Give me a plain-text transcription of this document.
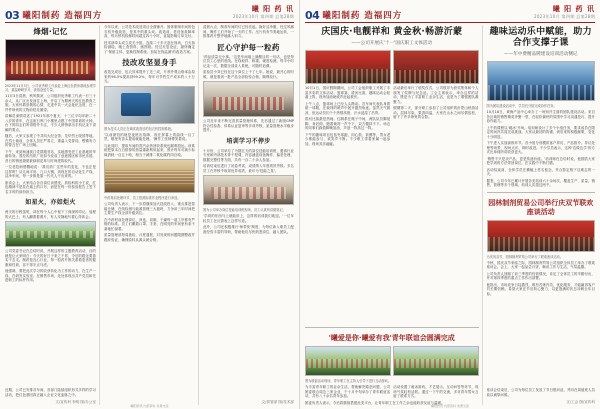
03 曦阳制药 造福四方
曦 阳 药 讯
2023年10月 第四期 总第28期
烽烟·记忆
2023年11月3日，公司优秀职工代表赴上海红色教育基地参观学习，重温峥嵘岁月，汲取奋进力量。
11月3日清晨，秋风微凉，公司组织优秀职工代表一行三十余人，从厂区出发前往上海，开启了为期两天的红色教育之旅。大家怀着崇敬的心情，走进中共一大会址纪念馆，在一件件珍贵的文物前驻足凝望。
讲解员深情讲述了1921年那个夏天，十三位平均年龄二十八岁的青年，在这座石库门小楼里点燃了中国革命的火种。台下的同志们听得格外专注，不少人悄悄拿出手机记录下讲解的要点。
随后，大家又参观了中共四大纪念馆、龙华烈士陵园等地。在烈士墙前，全体人员庄严肃立，重温入党誓词，铿锵有力的誓言在广场上回响。
下午，来到杨浦滨江党群服务站，实地感受老工业基地的华丽转身。曾经的纺织厂房如今变成了创意园区和市民乐园，昔日的锈迹斑斑被绿树花草与时尚建筑取代。
一位老技师感慨地说：'我们药厂这些年的变化，不也正是这样吗？从几间平房、几口大锅，到现在的自动化生产线、洁净车间，每一步都是靠一代代人干出来的。'
座谈会上，大家结合各自岗位谈感受。质检科的小王说，红色精神不是挂在墙上的口号，而是在每一份检验报告上签下名字时的那份担当。
如星火，亦如炬火
两天的行程虽短，却在每个人心中留下了深深的印记。返程的大巴上，有人翻看着照片，有人安静地写着心得体会。
公司党委书记在总结时说，开展这样的主题教育活动，目的就是让大家明白：今天的好日子来之不易，今后的路还要靠实干去走。制药是良心行业，每一粒药片都关系着患者的健康和性命，容不得半点马虎。
他强调，要把此次学习的收获转化为工作的动力，在生产一线、在研发实验室、在销售市场，处处体现出共产党员和先进职工的标杆作用。
近期，公司已安排各车间、各部门陆续组织形式多样的学习活动，把红色基因真正融入企业文化血脉之中。
文/宣传科 李明 图/办公室
今年以来，公司技术改造项目全面铺开。固体制剂车间的包衣机升级改造，是其中的重头戏。改造前，老设备故障率高，每月停机检修时间超过四十小时，直接影响订单交付。
技术部牵头成立攻关小组，连续二十多天泡在现场，白天拆检测绘，晚上查资料、画图纸。经过反复论证，最终确定了'保留主体、更换控制系统、加装在线监测'的改造方案。
技改攻坚显身手
改造完成后，包衣效率提升了近三成，片剂外观合格率由原来的96.5%提高到99.2%，每年可节约生产成本约八十万元。
图为技术人员正在调试改造后的包衣机控制系统。
'以前最怕的就是夜班出故障，现在屏幕上的曲线一目了然，哪里有苗头提前就能处理。'操作工张师傅笑着说。
与此同时，提取车间的蒸汽余热回收系统也顺利投运。该系统把原本白白排掉的热量重新利用起来，预计每年可减少标煤消耗一百五十吨，相当于减排二氧化碳约四百吨。
中药材前处理环节，员工按照标准作业程序进行净选。
公司负责人表示，下一步将继续加大技改投入，重点推进智能仓储、在线检测与能源管理三大板块，力争用三年时间把主要生产线全部升级到位。
在中药材前处理岗位，净选、切制、干燥每一道工序都有严格的标准。员工们戴着口罩、手套，在明亮的车间里有条不紊地忙碌着。
质量管理部每周抽检，月度通报，对发现的问题限期整改并跟踪验证，确保原料从源头就合格。
清晨六点，制剂车间的灯已经亮起。换好洁净服、经过风淋间，操作工们开始了一天的工作。压片机有节奏地运转，一排排药片整齐地落入料斗。
匠心守护每一粒药
'药品质量无小事。'这是车间墙上最醒目的一句话，也是每位员工心里的底线。在线取样、称重、硬度检测，每半小时记录一次，数据全部录入系统，可随时追溯。
质检员小刘已经在这个岗位上干了七年。她说，最开心的时候，就是看到一批产品全部检验合格、顺利放行。
公司近年来不断完善质量管理体系，先后通过了新版GMP符合性检查、体系认证复审等多项考核，质量管理水平稳步提升。
培训学习不停步
十月份，公司举办了为期五天的岗位技能培训班，邀请行业专家和内部技术骨干授课，内容涵盖设备操作、偏差处理、数据完整性等方面，共有一百二十余人参加。
培训结束后进行了闭卷考试，成绩纳入年度绩效考核。多名员工在考核中取得优异成绩，被评为'技能之星'。
图为公司举办岗位技能培训班现场，员工认真听讲做笔记。
'学到的东西马上就能用上，这样的培训我们欢迎。'一位年轻员工在反馈表上这样写道。
此外，公司还积极推行'师带徒'制度，为每位新入职员工配备经验丰富的导师，帮助他们尽快熟悉岗位、融入团队。
文/质管部 图/技术部
曦阳药讯 内部资料 免费交流
04 曦阳制药 造福四方
曦 阳 药 讯
2023年10月 第四期 总第28期
庆国庆·电靓祥和 黄金秋·畅游沂蒙
——公司开展庆'十一'国庆职工文体活动
10月1日，国庆假期期间，公司工会组织职工开展了丰富多彩的文体活动。篮球赛、拔河比赛、趣味运动会轮番上阵，现场加油助威声此起彼伏。
上午八点，篮球场上已经人头攒动。各车间代表队身着统一球服，在裁判的哨声中展开激烈角逐。虽然天气微凉，但运动员们个个热情高涨，汗水浸湿了后背。
拔河比赛最是热闹。红绸系在绳子中间，两队队员脚抵脚、身后仰，随着裁判一声令下，双方僵持不下。场边的同事们跺着脚喊加油，声浪一阵高过一阵。
下午的趣味项目包括夹球跑、同心鼓、套圈等，男女老少都能参与，欢笑声不断。不少职工带着家属一起参加，现场其乐融融。
活动最后举行了颁奖仪式，公司领导为获奖集体和个人颁发了奖牌与纪念品。工会主席表示，举办这样的活动，既是为了丰富职工业余生活，也是为了增强团队凝聚力。
假期第二天，部分职工参加了公司组织的沂蒙山秋游活动。层林尽染、果香四溢，大家在山水之间尽情放松，留下了许多珍贵的合影。
'曦爱是你·曦爱有我'青年联谊会圆满完成
图为联谊活动现场，青年职工在主持人引导下进行互动游戏。
为丰富青年职工的业余生活，帮助解决婚恋问题，公司团委联合周边三家企业，于十月中旬举办了青年联谊活动，共有八十余名青年参加。
活动设置了破冰游戏、才艺展示、互动问答等环节，现场气氛轻松活跃。通过一下午的交流，多对青年男女互留了联系方式。
团委负责人表示，今后将继续搭建此类平台，让青年职工在工作之余也能收获友谊与温暖。
趣味运动乐中赋能，助力合作支撑子课
——年中费精品牌建设培训活动侧记
图为团队建设活动中，学员们分组完成协作任务。
10月18日，黄海产品中心举办了一场别开生面的团队建设活动。来自各区域的销售精英齐聚一堂，在轻松愉快的氛围中学习沟通技巧、提升协作能力。
上午的课程以'破冰'开场。培训师设计了多个小组任务，要求成员在限定时间内共同完成挑战。大家从最初的拘谨，到后来的积极献策，变化十分明显。
下午进入实战演练环节。各小组分别模拟客户拜访、产品推介、异议处理等场景，现场点评、即时改进。不少学员表示，这种'边做边学'的方式比单纯听讲收获更大。
'销售不只是卖产品，更是传递价值。'培训师在总结时说。他鼓励大家把学到的方法带回岗位，在实践中不断打磨。
活动结束前，全体学员在横幅上签名留念，并合影定格下这难忘的一天。
据悉，公司今年已累计开展各类培训六十余场次，覆盖生产、质量、销售、管理等多个领域，培训人次超过两千。
园林制剂贸易公司举行庆双节联欢座谈活动
为庆祝双节，园林制剂贸易公司举行了联欢座谈活动。
中秋、国庆双节来临之际，园林制剂贸易公司组织全体员工举办了联欢座谈会。会上，大家一起品尝月饼、畅谈工作与生活，气氛温馨。
公司负责人回顾了前三季度的经营情况，肯定了全体员工的辛勤付出，并对第四季度的重点工作作出部署。
他指出，市场竞争日趋激烈，唯有苦练内功、优化服务，才能赢得客户的长期信赖。希望大家在节后收心聚力，以更饱满的状态冲刺全年目标。
座谈会结束后，公司为每位员工发放了节日慰问品，并向在岗值班人员致以诚挚问候。
文/工会 图/宣传科
曦阳药讯 内部资料 免费交流
